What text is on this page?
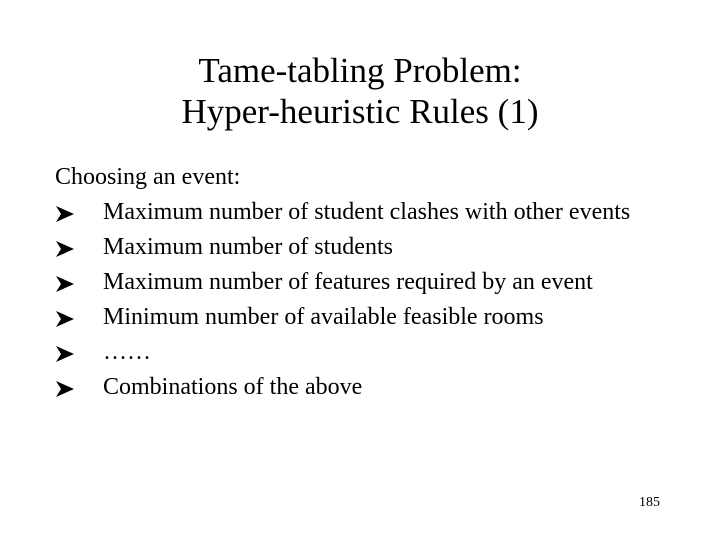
Tame-tabling Problem:
Hyper-heuristic Rules (1)
Choosing an event:
Maximum number of student clashes with other events
Maximum number of students
Maximum number of features required by an event
Minimum number of available feasible rooms
……
Combinations of the above
185
